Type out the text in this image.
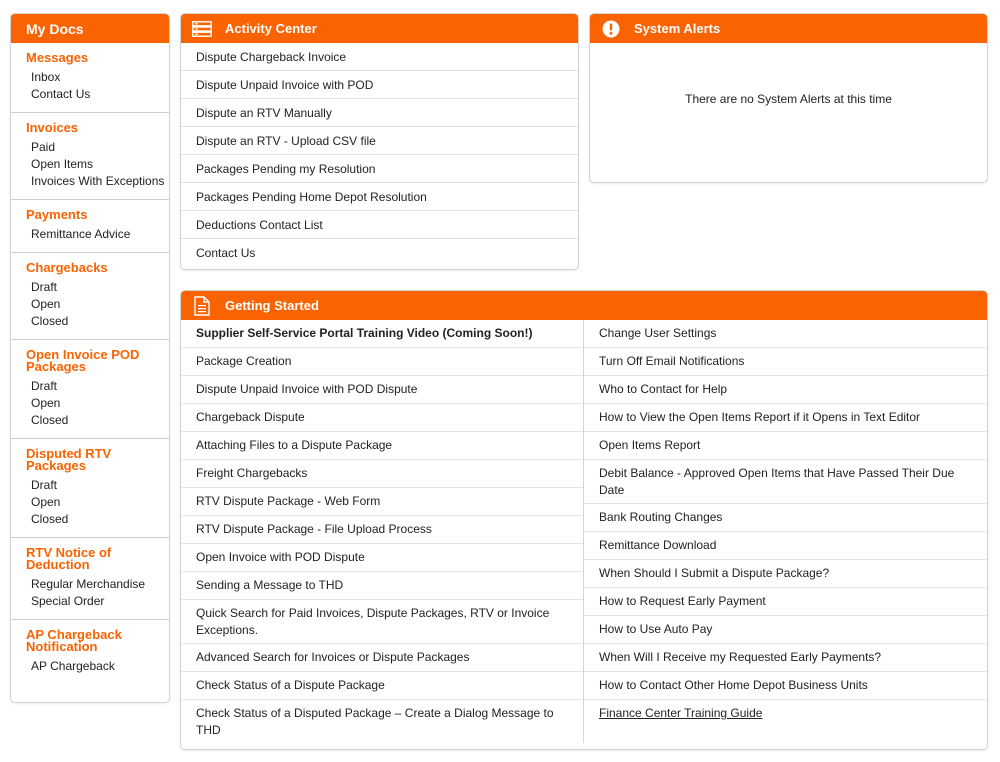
My Docs
Messages
Inbox
Contact Us
Invoices
Paid
Open Items
Invoices With Exceptions
Payments
Remittance Advice
Chargebacks
Draft
Open
Closed
Open Invoice POD Packages
Draft
Open
Closed
Disputed RTV Packages
Draft
Open
Closed
RTV Notice of Deduction
Regular Merchandise
Special Order
AP Chargeback Notification
AP Chargeback
Activity Center
Dispute Chargeback Invoice
Dispute Unpaid Invoice with POD
Dispute an RTV Manually
Dispute an RTV - Upload CSV file
Packages Pending my Resolution
Packages Pending Home Depot Resolution
Deductions Contact List
Contact Us
System Alerts
There are no System Alerts at this time
Getting Started
Supplier Self-Service Portal Training Video (Coming Soon!)
Package Creation
Dispute Unpaid Invoice with POD Dispute
Chargeback Dispute
Attaching Files to a Dispute Package
Freight Chargebacks
RTV Dispute Package - Web Form
RTV Dispute Package - File Upload Process
Open Invoice with POD Dispute
Sending a Message to THD
Quick Search for Paid Invoices, Dispute Packages, RTV or Invoice Exceptions.
Advanced Search for Invoices or Dispute Packages
Check Status of a Dispute Package
Check Status of a Disputed Package – Create a Dialog Message to THD
Change User Settings
Turn Off Email Notifications
Who to Contact for Help
How to View the Open Items Report if it Opens in Text Editor
Open Items Report
Debit Balance - Approved Open Items that Have Passed Their Due Date
Bank Routing Changes
Remittance Download
When Should I Submit a Dispute Package?
How to Request Early Payment
How to Use Auto Pay
When Will I Receive my Requested Early Payments?
How to Contact Other Home Depot Business Units
Finance Center Training Guide
